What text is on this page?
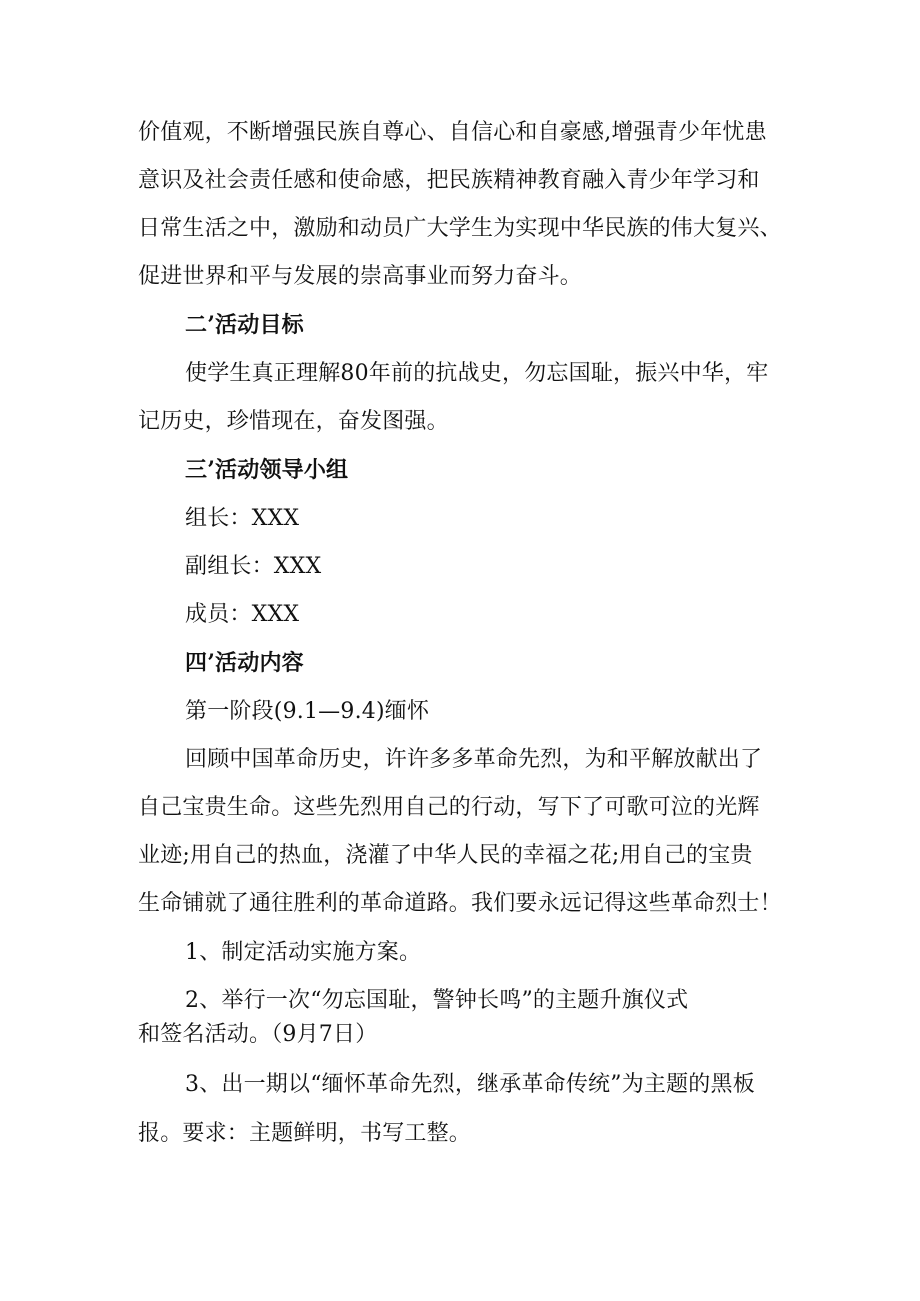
价值观，不断增强民族自尊心、自信心和自豪感,增强青少年忧患
意识及社会责任感和使命感，把民族精神教育融入青少年学习和
日常生活之中，激励和动员广大学生为实现中华民族的伟大复兴、
促进世界和平与发展的崇高事业而努力奋斗。
二’活动目标
使学生真正理解80年前的抗战史，勿忘国耻，振兴中华，牢
记历史，珍惜现在，奋发图强。
三’活动领导小组
组长：XXX
副组长：XXX
成员：XXX
四’活动内容
第一阶段(9.1—9.4)缅怀
回顾中国革命历史，许许多多革命先烈，为和平解放献出了
自己宝贵生命。这些先烈用自己的行动，写下了可歌可泣的光辉
业迹;用自己的热血，浇灌了中华人民的幸福之花;用自己的宝贵
生命铺就了通往胜利的革命道路。我们要永远记得这些革命烈士！
1、制定活动实施方案。
2、举行一次“勿忘国耻，警钟长鸣”的主题升旗仪式
和签名活动。（9月7日）
3、出一期以“缅怀革命先烈，继承革命传统”为主题的黑板
报。要求：主题鲜明，书写工整。
